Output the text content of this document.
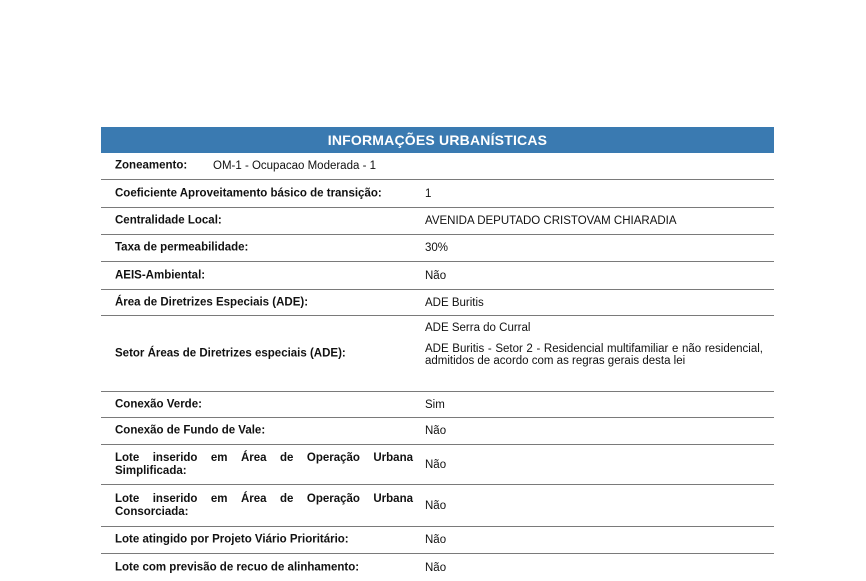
INFORMAÇÕES URBANÍSTICAS
Zoneamento: OM-1 - Ocupacao Moderada - 1
Coeficiente Aproveitamento básico de transição:	1
Centralidade Local:	AVENIDA DEPUTADO CRISTOVAM CHIARADIA
Taxa de permeabilidade:	30%
AEIS-Ambiental:	Não
Área de Diretrizes Especiais (ADE):	ADE Buritis
Setor Áreas de Diretrizes especiais (ADE):
ADE Serra do Curral
ADE Buritis - Setor 2 - Residencial multifamiliar e não residencial, admitidos de acordo com as regras gerais desta lei
Conexão Verde:	Sim
Conexão de Fundo de Vale:	Não
Lote inserido em Área de Operação Urbana Simplificada:	Não
Lote inserido em Área de Operação Urbana Consorciada:	Não
Lote atingido por Projeto Viário Prioritário:	Não
Lote com previsão de recuo de alinhamento:	Não
